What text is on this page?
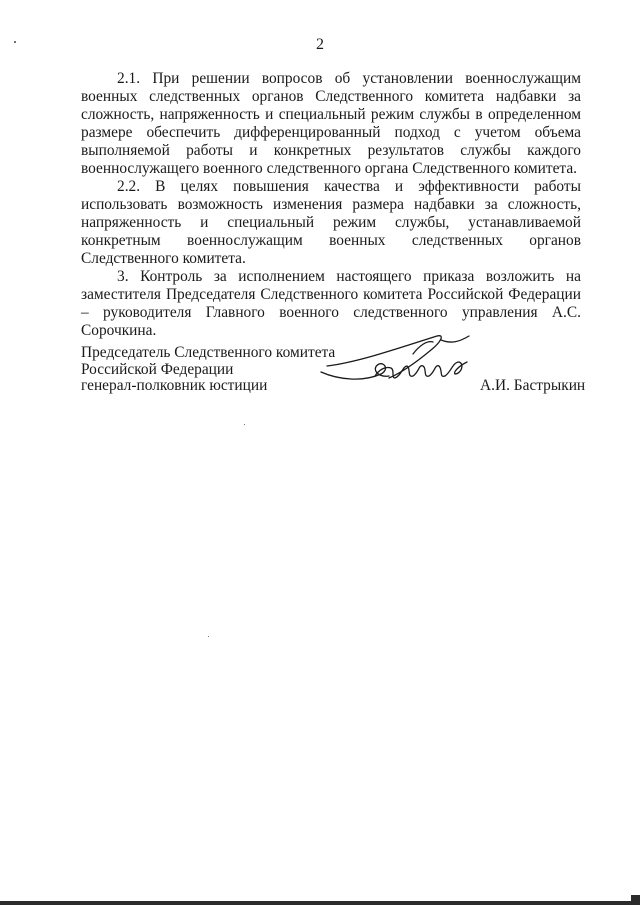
2

2.1. При решении вопросов об установлении военнослужащим военных следственных органов Следственного комитета надбавки за сложность, напряженность и специальный режим службы в определенном размере обеспечить дифференцированный подход с учетом объема выполняемой работы и конкретных результатов службы каждого военнослужащего военного следственного органа Следственного комитета.

2.2. В целях повышения качества и эффективности работы использовать возможность изменения размера надбавки за сложность, напряженность и специальный режим службы, устанавливаемой конкретным военнослужащим военных следственных органов Следственного комитета.

3. Контроль за исполнением настоящего приказа возложить на заместителя Председателя Следственного комитета Российской Федерации – руководителя Главного военного следственного управления А.С. Сорочкина.

Председатель Следственного комитета
Российской Федерации
генерал-полковник юстиции	А.И. Бастрыкин
